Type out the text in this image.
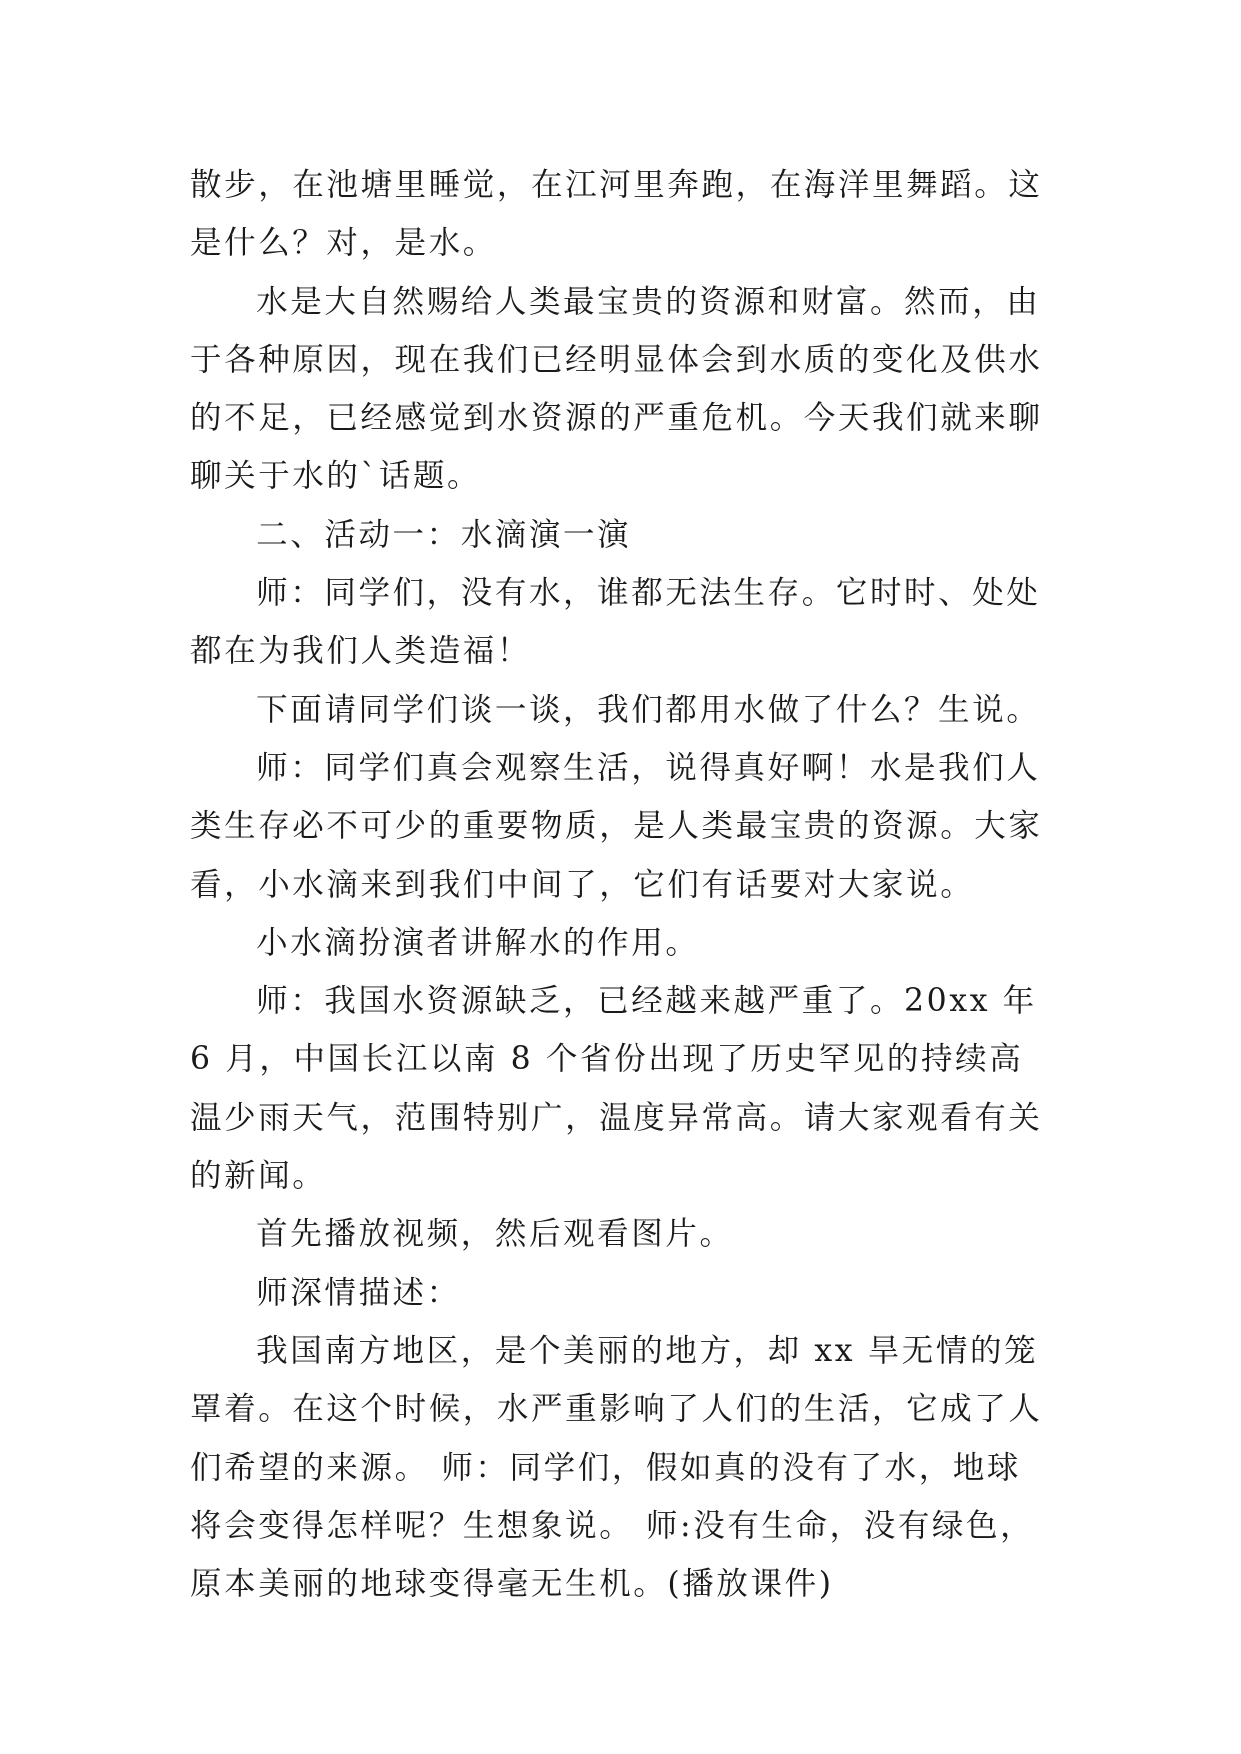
散步，在池塘里睡觉，在江河里奔跑，在海洋里舞蹈。这是什么？对，是水。

水是大自然赐给人类最宝贵的资源和财富。然而，由于各种原因，现在我们已经明显体会到水质的变化及供水的不足，已经感觉到水资源的严重危机。今天我们就来聊聊关于水的`话题。

二、活动一：水滴演一演

师：同学们，没有水，谁都无法生存。它时时、处处都在为我们人类造福！

下面请同学们谈一谈，我们都用水做了什么？生说。

师：同学们真会观察生活，说得真好啊！水是我们人类生存必不可少的重要物质，是人类最宝贵的资源。大家看，小水滴来到我们中间了，它们有话要对大家说。

小水滴扮演者讲解水的作用。

师：我国水资源缺乏，已经越来越严重了。20xx 年 6 月，中国长江以南 8 个省份出现了历史罕见的持续高温少雨天气，范围特别广，温度异常高。请大家观看有关的新闻。

首先播放视频，然后观看图片。

师深情描述：

我国南方地区，是个美丽的地方，却 xx 旱无情的笼罩着。在这个时候，水严重影响了人们的生活，它成了人们希望的来源。 师：同学们，假如真的没有了水，地球将会变得怎样呢？生想象说。 师:没有生命，没有绿色，原本美丽的地球变得毫无生机。(播放课件)
